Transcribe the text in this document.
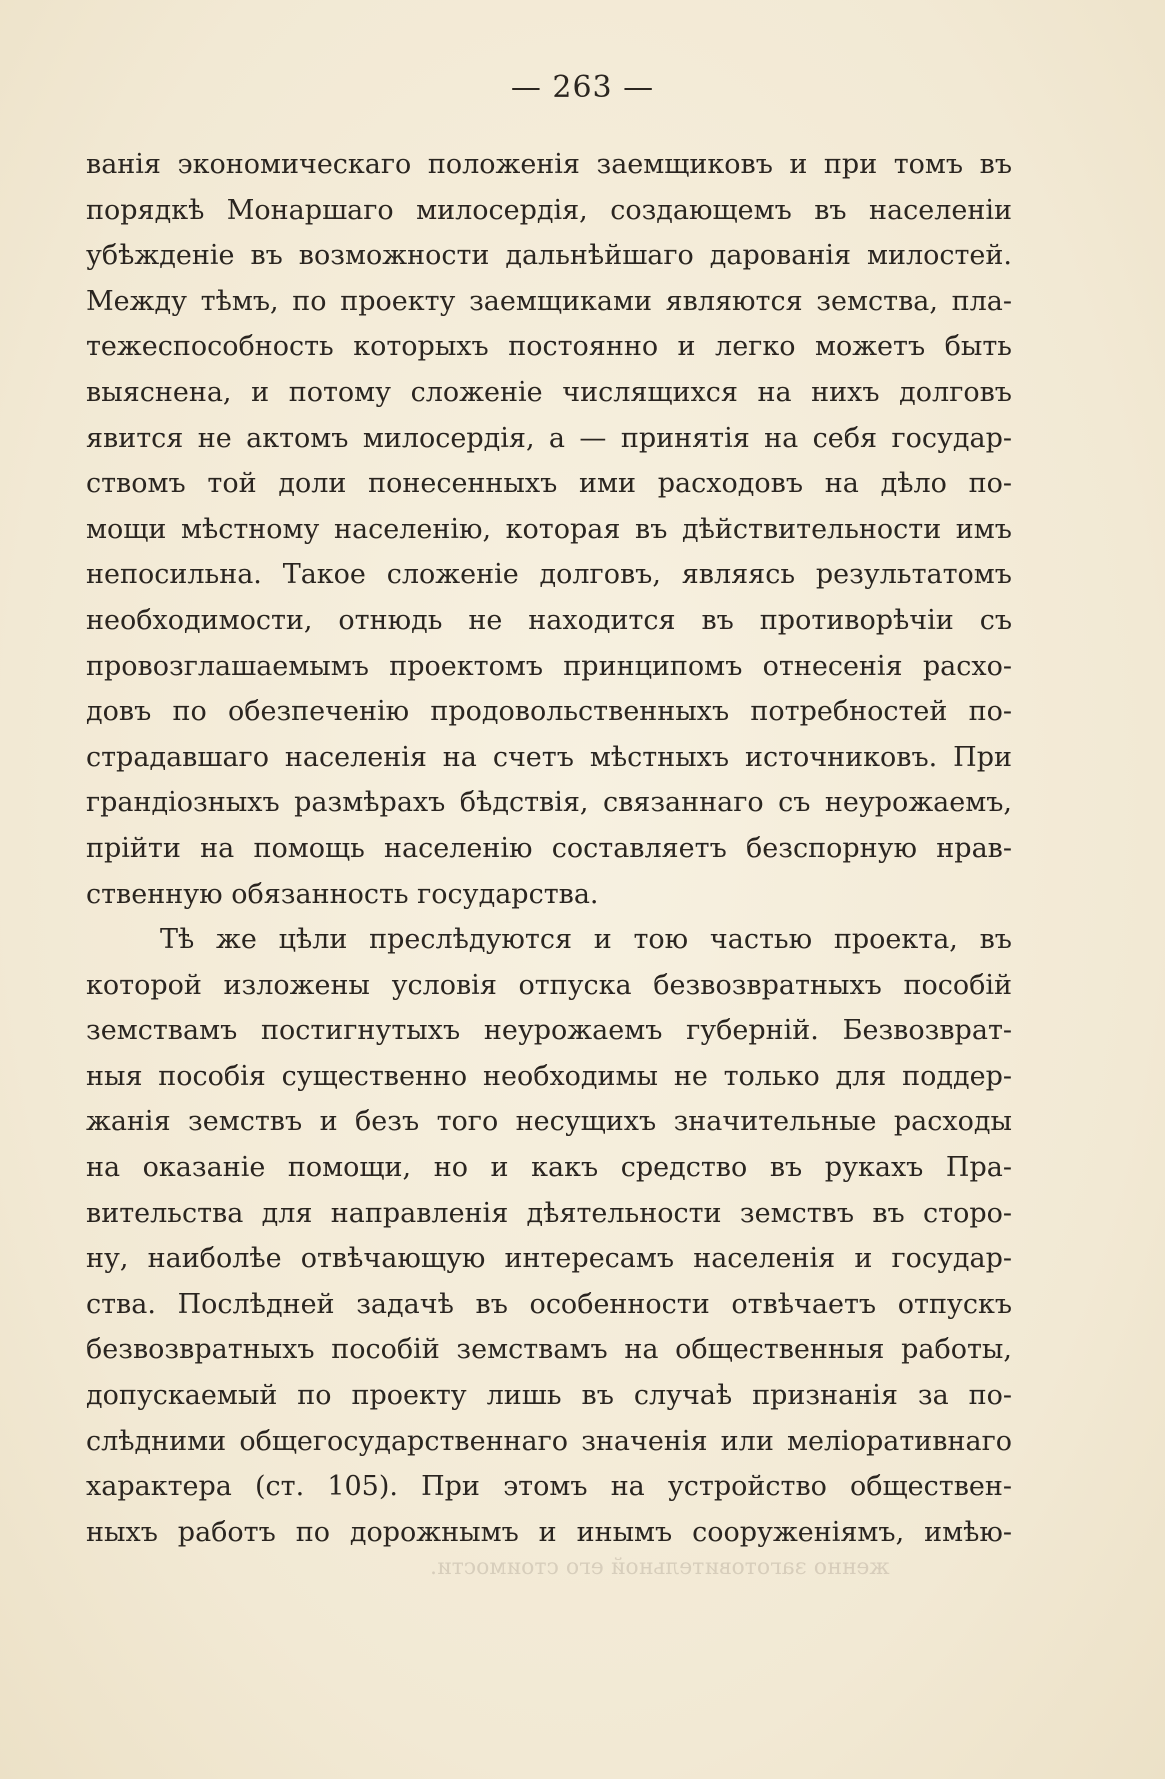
— 263 —
ванія экономическаго положенія заемщиковъ и при томъ въ
порядкѣ Монаршаго милосердія, создающемъ въ населеніи
убѣжденіе въ возможности дальнѣйшаго дарованія милостей.
Между тѣмъ, по проекту заемщиками являются земства, пла-
тежеспособность которыхъ постоянно и легко можетъ быть
выяснена, и потому сложеніе числящихся на нихъ долговъ
явится не актомъ милосердія, а — принятія на себя государ-
ствомъ той доли понесенныхъ ими расходовъ на дѣло по-
мощи мѣстному населенію, которая въ дѣйствительности имъ
непосильна. Такое сложеніе долговъ, являясь результатомъ
необходимости, отнюдь не находится въ противорѣчіи съ
провозглашаемымъ проектомъ принципомъ отнесенія расхо-
довъ по обезпеченію продовольственныхъ потребностей по-
страдавшаго населенія на счетъ мѣстныхъ источниковъ. При
грандіозныхъ размѣрахъ бѣдствія, связаннаго съ неурожаемъ,
прійти на помощь населенію составляетъ безспорную нрав-
ственную обязанность государства.
Тѣ же цѣли преслѣдуются и тою частью проекта, въ
которой изложены условія отпуска безвозвратныхъ пособій
земствамъ постигнутыхъ неурожаемъ губерній. Безвозврат-
ныя пособія существенно необходимы не только для поддер-
жанія земствъ и безъ того несущихъ значительные расходы
на оказаніе помощи, но и какъ средство въ рукахъ Пра-
вительства для направленія дѣятельности земствъ въ сторо-
ну, наиболѣе отвѣчающую интересамъ населенія и государ-
ства. Послѣдней задачѣ въ особенности отвѣчаетъ отпускъ
безвозвратныхъ пособій земствамъ на общественныя работы,
допускаемый по проекту лишь въ случаѣ признанія за по-
слѣдними общегосударственнаго значенія или меліоративнаго
характера (ст. 105). При этомъ на устройство обществен-
ныхъ работъ по дорожнымъ и инымъ сооруженіямъ, имѣю-
женно заготовительной его стоимости.
